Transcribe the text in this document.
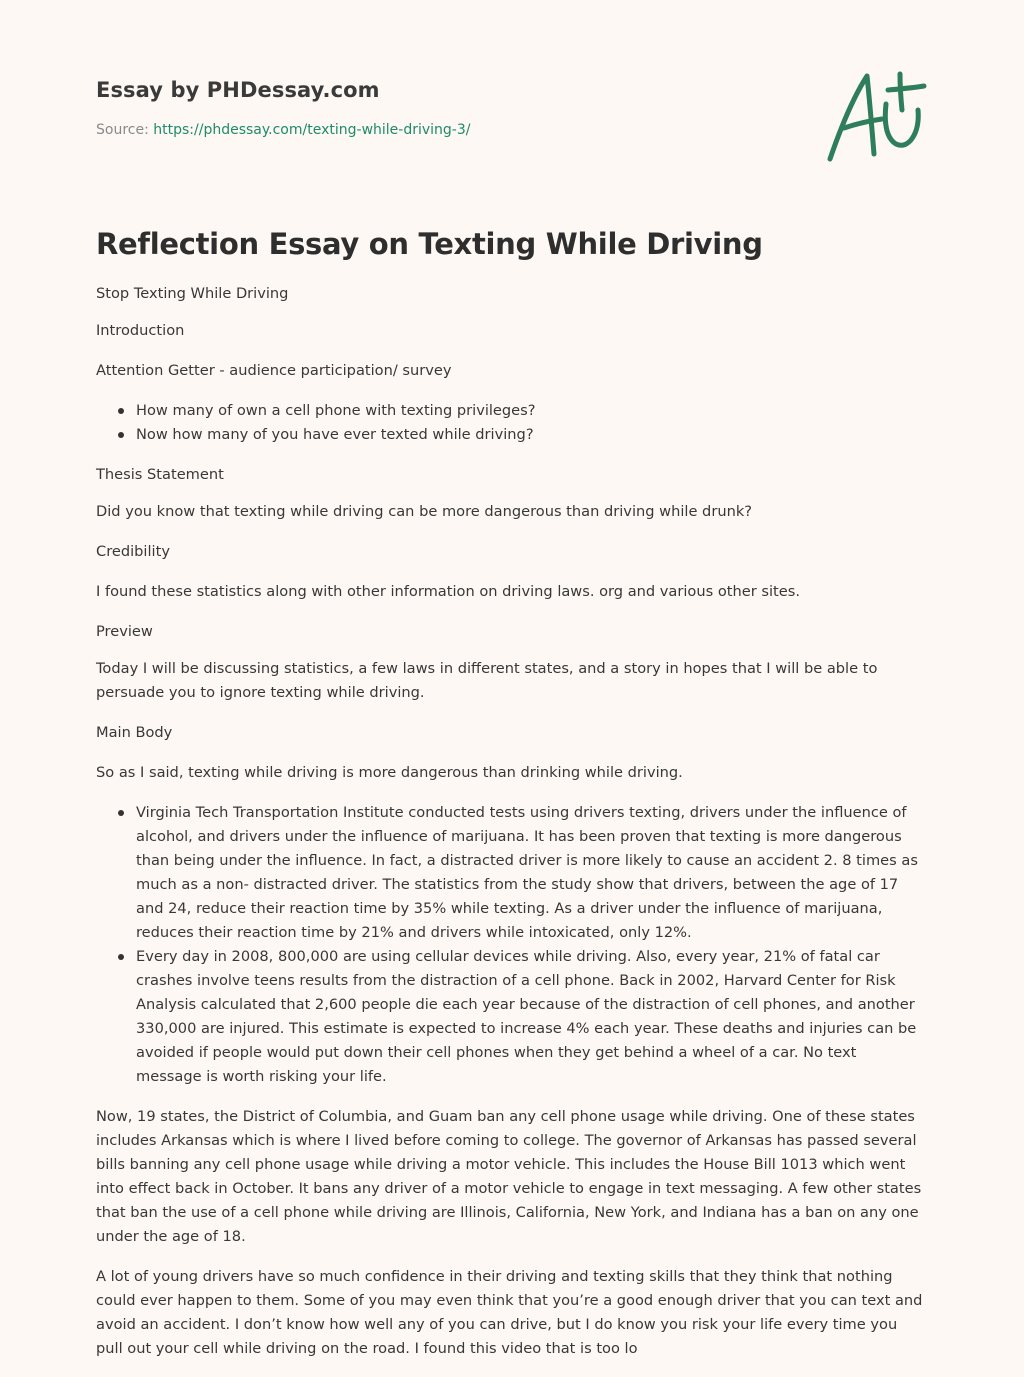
Essay by PHDessay.com
Source: https://phdessay.com/texting-while-driving-3/
Reflection Essay on Texting While Driving

Stop Texting While Driving

Introduction

Attention Getter - audience participation/ survey

How many of own a cell phone with texting privileges?
Now how many of you have ever texted while driving?

Thesis Statement

Did you know that texting while driving can be more dangerous than driving while drunk?

Credibility

I found these statistics along with other information on driving laws. org and various other sites.

Preview

Today I will be discussing statistics, a few laws in different states, and a story in hopes that I will be able to persuade you to ignore texting while driving.

Main Body

So as I said, texting while driving is more dangerous than drinking while driving.

Virginia Tech Transportation Institute conducted tests using drivers texting, drivers under the influence of alcohol, and drivers under the influence of marijuana. It has been proven that texting is more dangerous than being under the influence. In fact, a distracted driver is more likely to cause an accident 2. 8 times as much as a non- distracted driver. The statistics from the study show that drivers, between the age of 17 and 24, reduce their reaction time by 35% while texting. As a driver under the influence of marijuana, reduces their reaction time by 21% and drivers while intoxicated, only 12%.
Every day in 2008, 800,000 are using cellular devices while driving. Also, every year, 21% of fatal car crashes involve teens results from the distraction of a cell phone. Back in 2002, Harvard Center for Risk Analysis calculated that 2,600 people die each year because of the distraction of cell phones, and another 330,000 are injured. This estimate is expected to increase 4% each year. These deaths and injuries can be avoided if people would put down their cell phones when they get behind a wheel of a car. No text message is worth risking your life.

Now, 19 states, the District of Columbia, and Guam ban any cell phone usage while driving. One of these states includes Arkansas which is where I lived before coming to college. The governor of Arkansas has passed several bills banning any cell phone usage while driving a motor vehicle. This includes the House Bill 1013 which went into effect back in October. It bans any driver of a motor vehicle to engage in text messaging. A few other states that ban the use of a cell phone while driving are Illinois, California, New York, and Indiana has a ban on any one under the age of 18.

A lot of young drivers have so much confidence in their driving and texting skills that they think that nothing could ever happen to them. Some of you may even think that you’re a good enough driver that you can text and avoid an accident. I don’t know how well any of you can drive, but I do know you risk your life every time you pull out your cell while driving on the road. I found this video that is too lo
